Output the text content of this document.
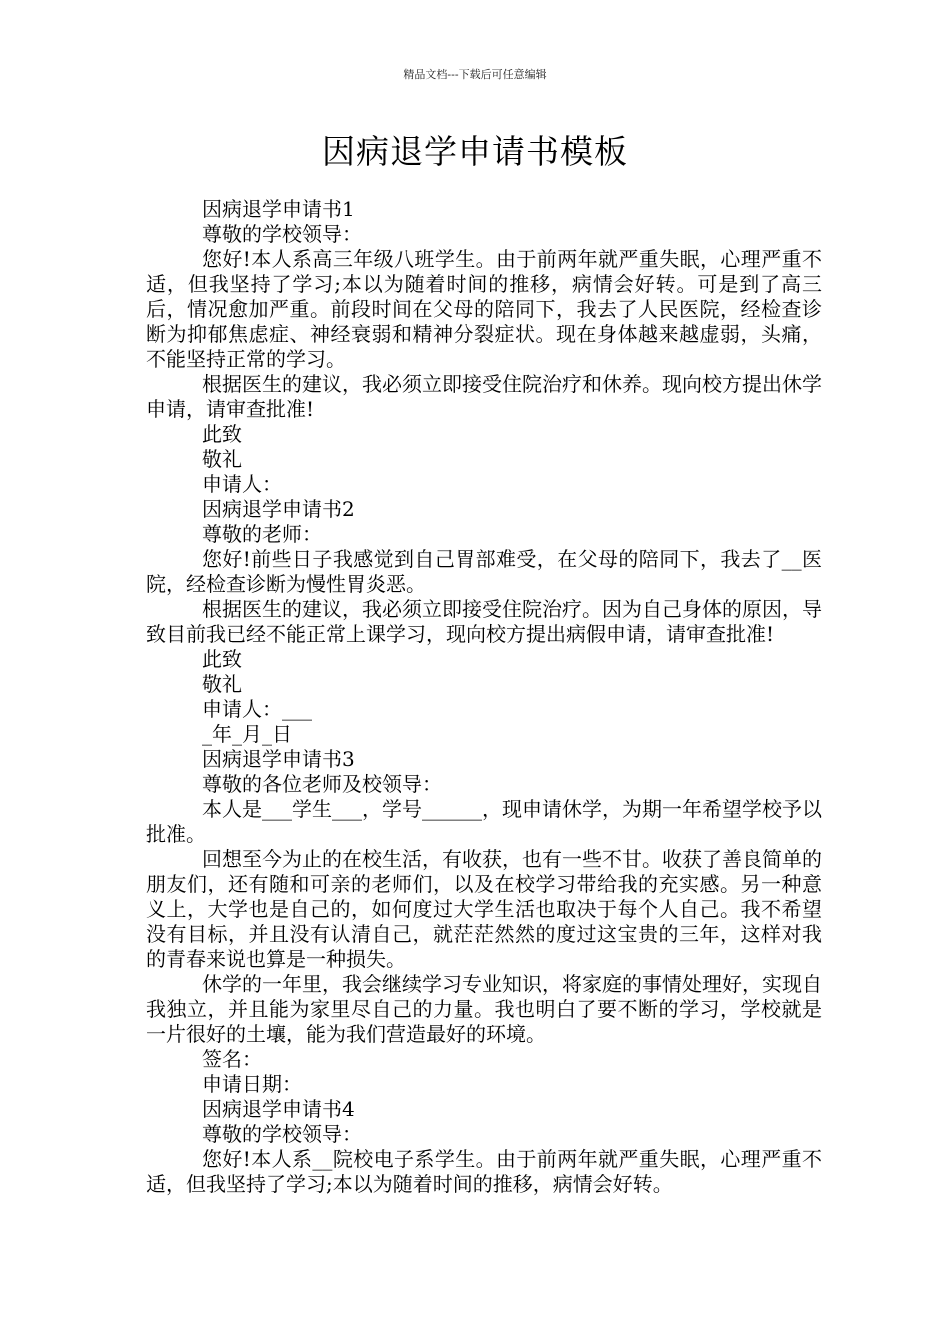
精品文档---下载后可任意编辑
因病退学申请书模板

因病退学申请书1

尊敬的学校领导：

您好!本人系高三年级八班学生。由于前两年就严重失眠，心理严重不适，但我坚持了学习;本以为随着时间的推移，病情会好转。可是到了高三后，情况愈加严重。前段时间在父母的陪同下，我去了人民医院，经检查诊断为抑郁焦虑症、神经衰弱和精神分裂症状。现在身体越来越虚弱，头痛，不能坚持正常的学习。

根据医生的建议，我必须立即接受住院治疗和休养。现向校方提出休学申请，请审查批准!

此致

敬礼

申请人：

因病退学申请书2

尊敬的老师：

您好!前些日子我感觉到自己胃部难受，在父母的陪同下，我去了__医院，经检查诊断为慢性胃炎恶。

根据医生的建议，我必须立即接受住院治疗。因为自己身体的原因，导致目前我已经不能正常上课学习，现向校方提出病假申请，请审查批准!

此致

敬礼

申请人：___

_年_月_日

因病退学申请书3

尊敬的各位老师及校领导：

本人是___学生___，学号______，现申请休学，为期一年希望学校予以批准。

回想至今为止的在校生活，有收获，也有一些不甘。收获了善良简单的朋友们，还有随和可亲的老师们，以及在校学习带给我的充实感。另一种意义上，大学也是自己的，如何度过大学生活也取决于每个人自己。我不希望没有目标，并且没有认清自己，就茫茫然然的度过这宝贵的三年，这样对我的青春来说也算是一种损失。

休学的一年里，我会继续学习专业知识，将家庭的事情处理好，实现自我独立，并且能为家里尽自己的力量。我也明白了要不断的学习，学校就是一片很好的土壤，能为我们营造最好的环境。

签名：

申请日期：

因病退学申请书4

尊敬的学校领导：

您好!本人系__院校电子系学生。由于前两年就严重失眠，心理严重不适，但我坚持了学习;本以为随着时间的推移，病情会好转。
